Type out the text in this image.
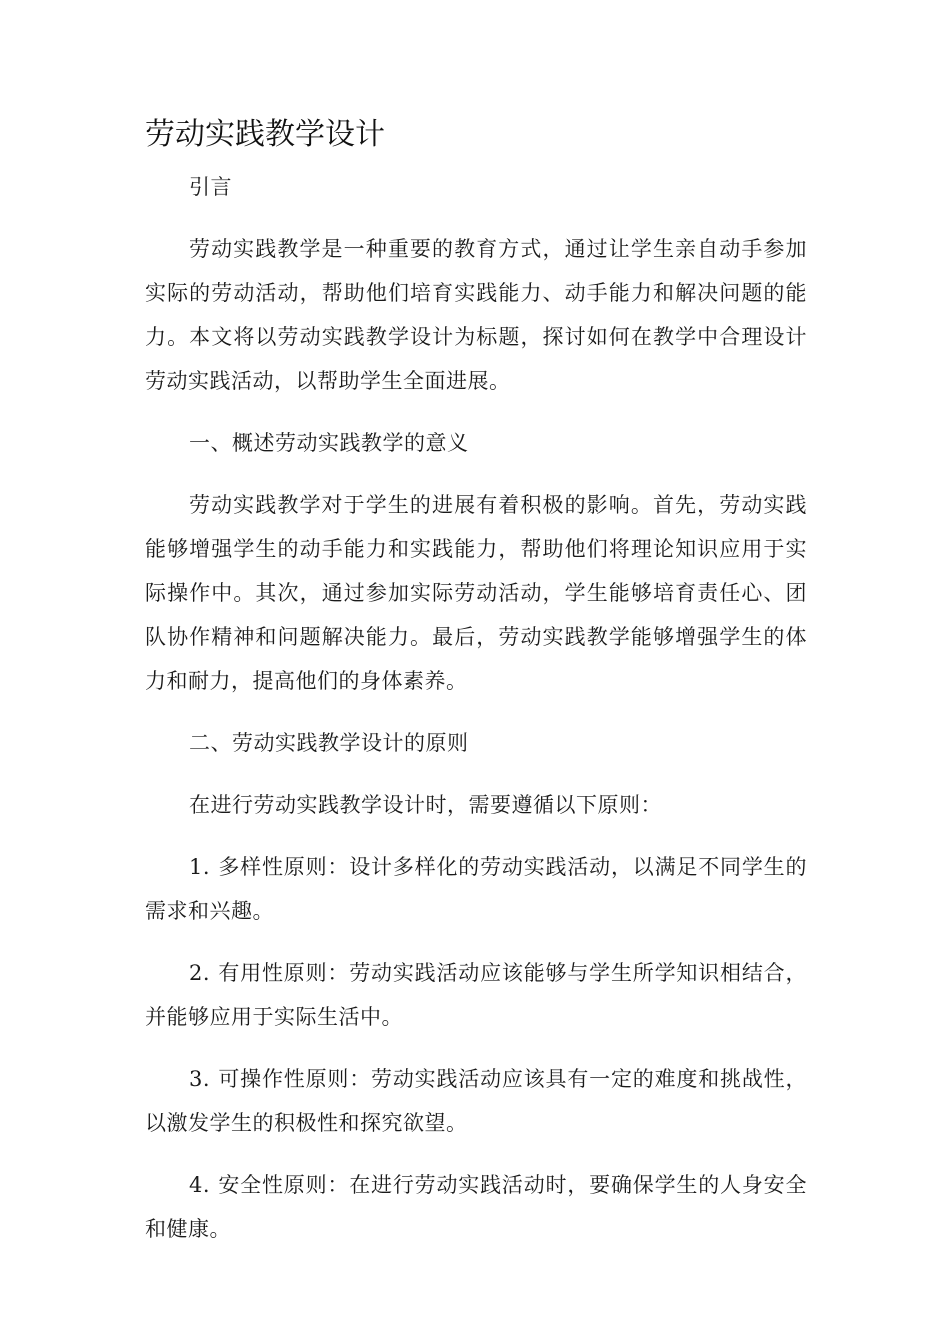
劳动实践教学设计

引言

劳动实践教学是一种重要的教育方式，通过让学生亲自动手参加实际的劳动活动，帮助他们培育实践能力、动手能力和解决问题的能力。本文将以劳动实践教学设计为标题，探讨如何在教学中合理设计劳动实践活动，以帮助学生全面进展。

一、概述劳动实践教学的意义

劳动实践教学对于学生的进展有着积极的影响。首先，劳动实践能够增强学生的动手能力和实践能力，帮助他们将理论知识应用于实际操作中。其次，通过参加实际劳动活动，学生能够培育责任心、团队协作精神和问题解决能力。最后，劳动实践教学能够增强学生的体力和耐力，提高他们的身体素养。

二、劳动实践教学设计的原则

在进行劳动实践教学设计时，需要遵循以下原则：

1. 多样性原则：设计多样化的劳动实践活动，以满足不同学生的需求和兴趣。

2. 有用性原则：劳动实践活动应该能够与学生所学知识相结合，并能够应用于实际生活中。

3. 可操作性原则：劳动实践活动应该具有一定的难度和挑战性，以激发学生的积极性和探究欲望。

4. 安全性原则：在进行劳动实践活动时，要确保学生的人身安全和健康。
